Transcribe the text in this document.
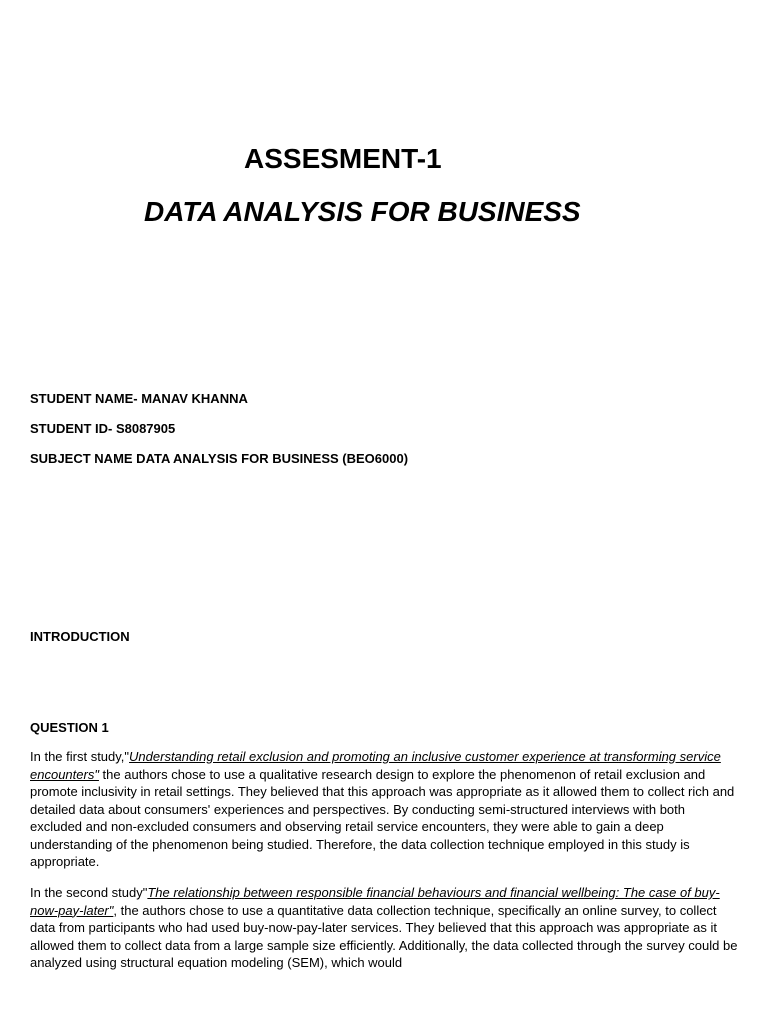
ASSESMENT-1
DATA ANALYSIS FOR BUSINESS
STUDENT NAME- MANAV KHANNA
STUDENT ID- S8087905
SUBJECT NAME DATA ANALYSIS FOR BUSINESS (BEO6000)
INTRODUCTION
QUESTION 1
In the first study,"Understanding retail exclusion and promoting an inclusive customer experience at transforming service encounters" the authors chose to use a qualitative research design to explore the phenomenon of retail exclusion and promote inclusivity in retail settings. They believed that this approach was appropriate as it allowed them to collect rich and detailed data about consumers' experiences and perspectives. By conducting semi-structured interviews with both excluded and non-excluded consumers and observing retail service encounters, they were able to gain a deep understanding of the phenomenon being studied. Therefore, the data collection technique employed in this study is appropriate.
In the second study"The relationship between responsible financial behaviours and financial wellbeing: The case of buy-now-pay-later", the authors chose to use a quantitative data collection technique, specifically an online survey, to collect data from participants who had used buy-now-pay-later services. They believed that this approach was appropriate as it allowed them to collect data from a large sample size efficiently. Additionally, the data collected through the survey could be analyzed using structural equation modeling (SEM), which would
